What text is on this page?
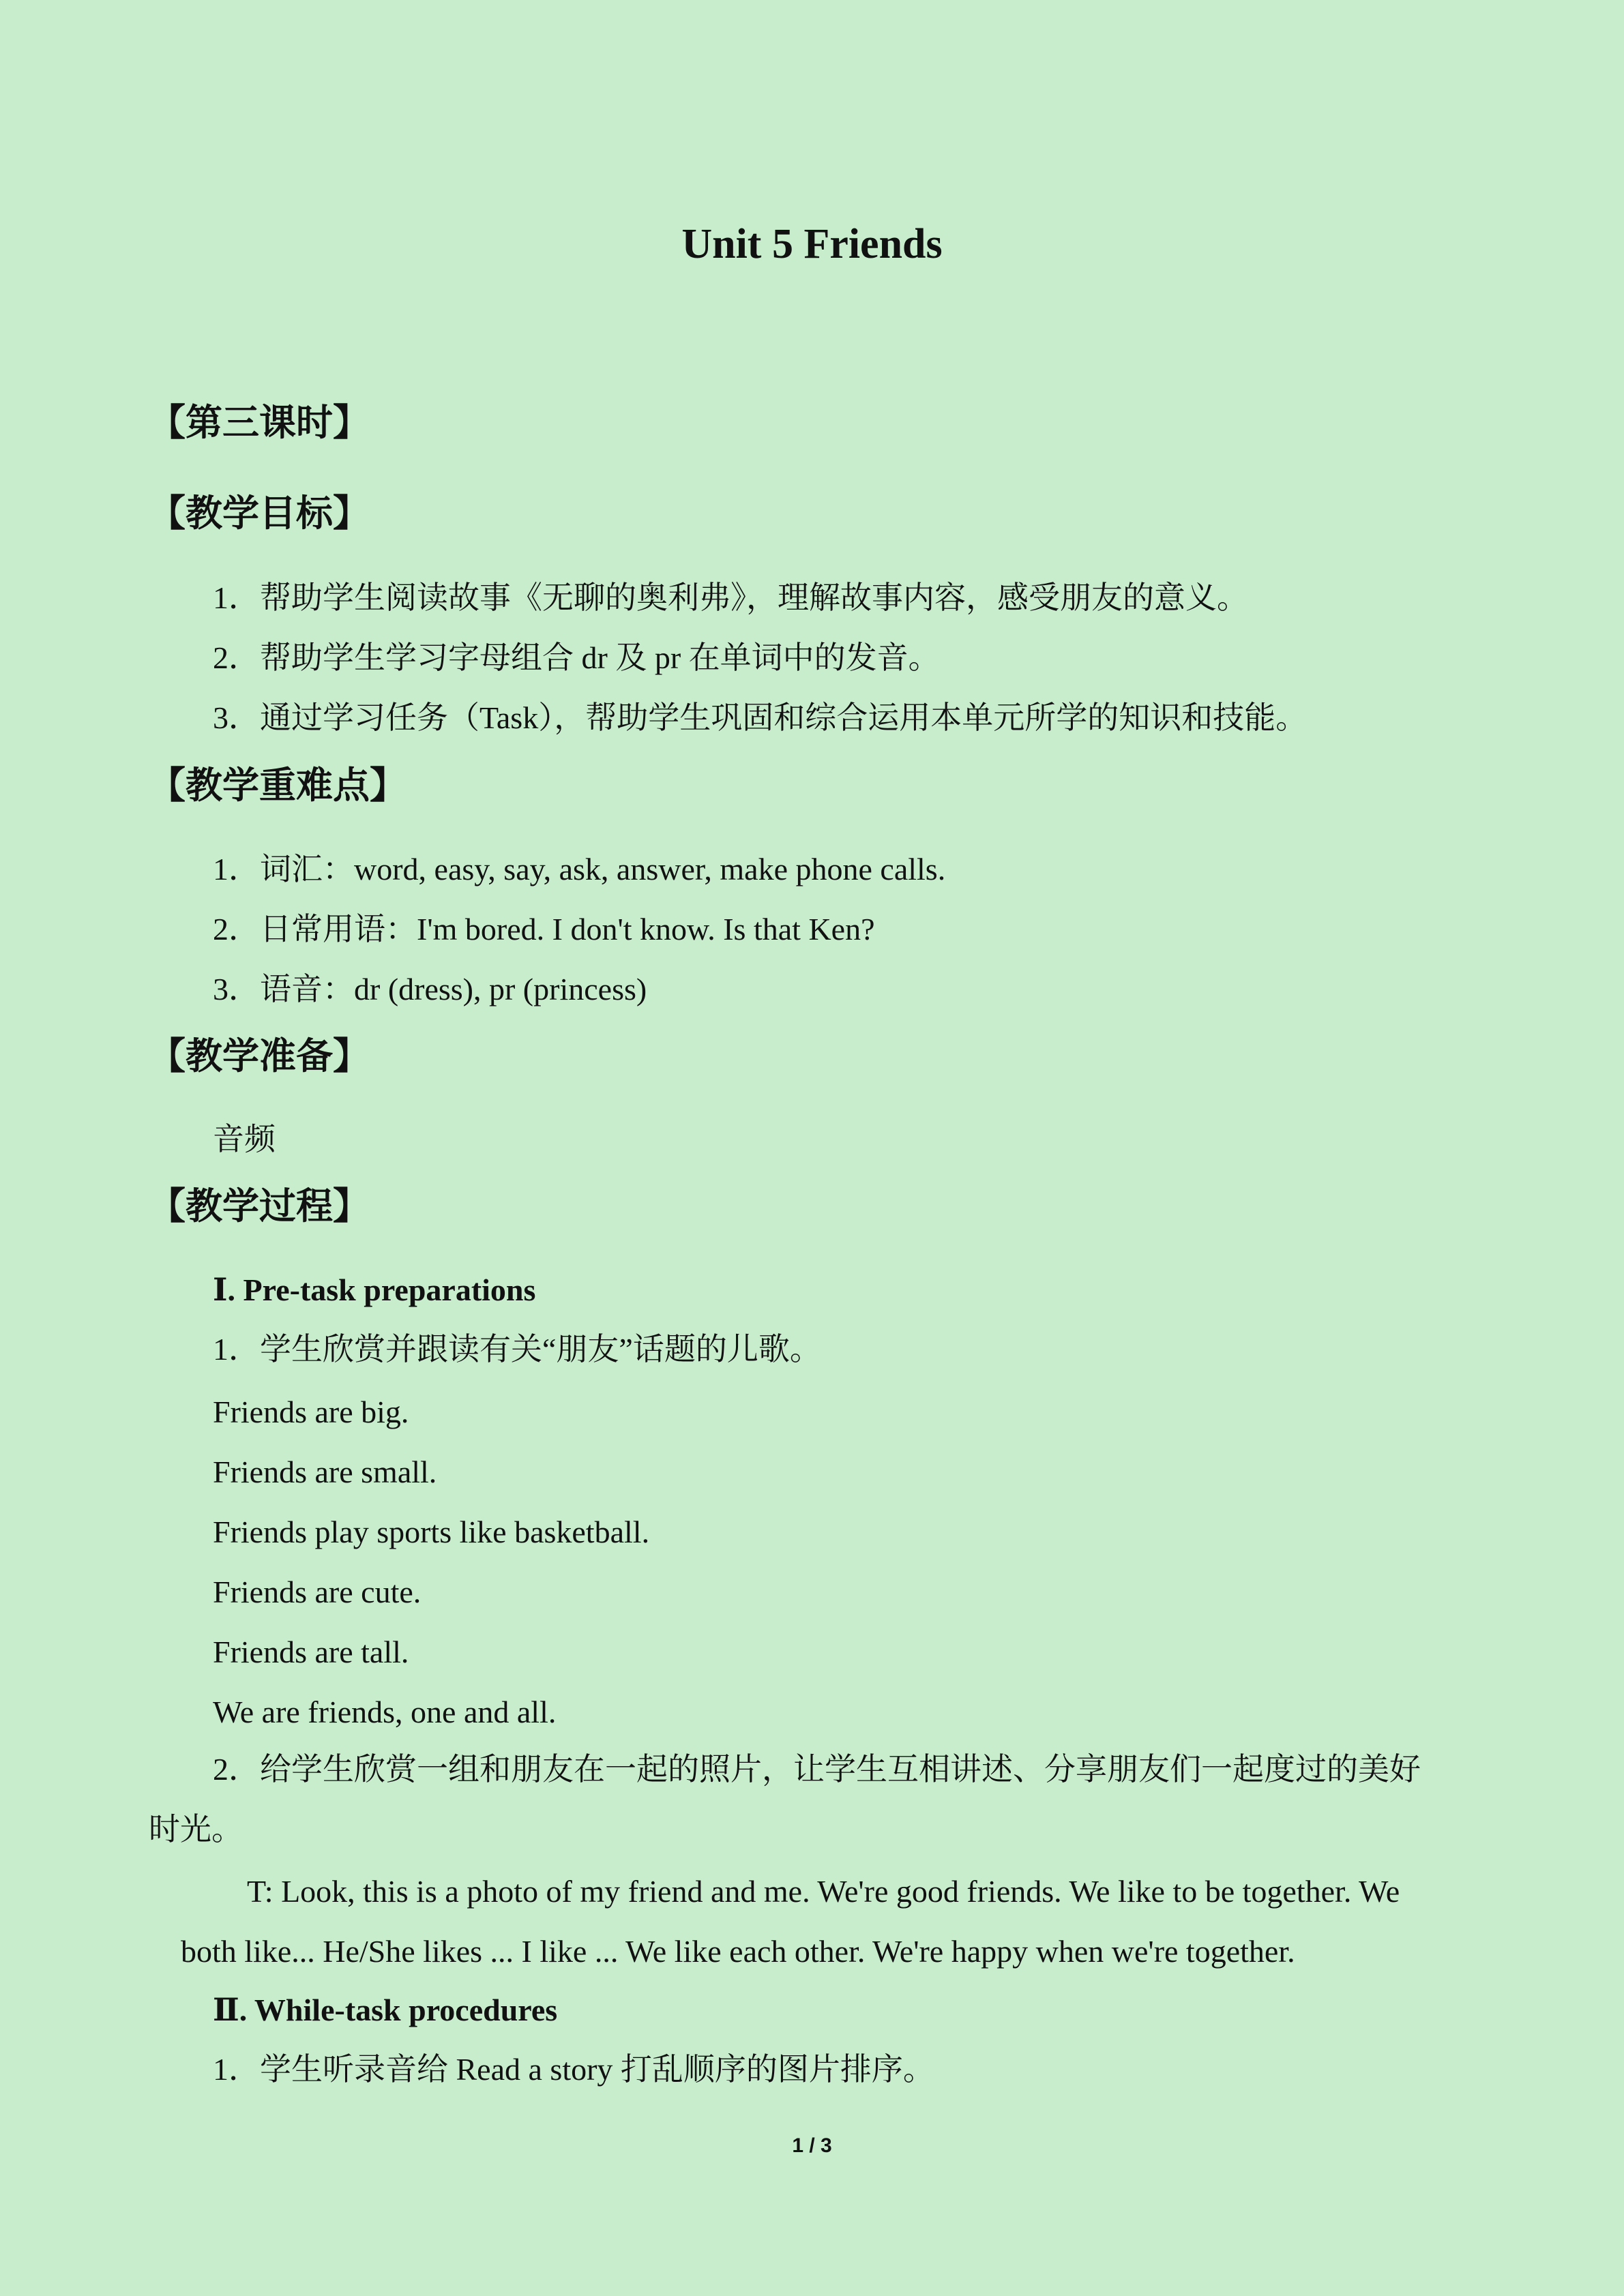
Unit 5 Friends
【第三课时】
【教学目标】
1．帮助学生阅读故事《无聊的奥利弗》，理解故事内容，感受朋友的意义。
2．帮助学生学习字母组合 dr 及 pr 在单词中的发音。
3．通过学习任务（Task），帮助学生巩固和综合运用本单元所学的知识和技能。
【教学重难点】
1．词汇：word, easy, say, ask, answer, make phone calls.
2．日常用语：I'm bored. I don't know. Is that Ken?
3．语音：dr (dress), pr (princess)
【教学准备】
音频
【教学过程】
Ⅰ. Pre-task preparations
1．学生欣赏并跟读有关“朋友”话题的儿歌。
Friends are big.
Friends are small.
Friends play sports like basketball.
Friends are cute.
Friends are tall.
We are friends, one and all.
2．给学生欣赏一组和朋友在一起的照片，让学生互相讲述、分享朋友们一起度过的美好
时光。
T: Look, this is a photo of my friend and me. We're good friends. We like to be together. We
both like... He/She likes ... I like ... We like each other. We're happy when we're together.
Ⅱ. While-task procedures
1．学生听录音给 Read a story 打乱顺序的图片排序。
1 / 3
